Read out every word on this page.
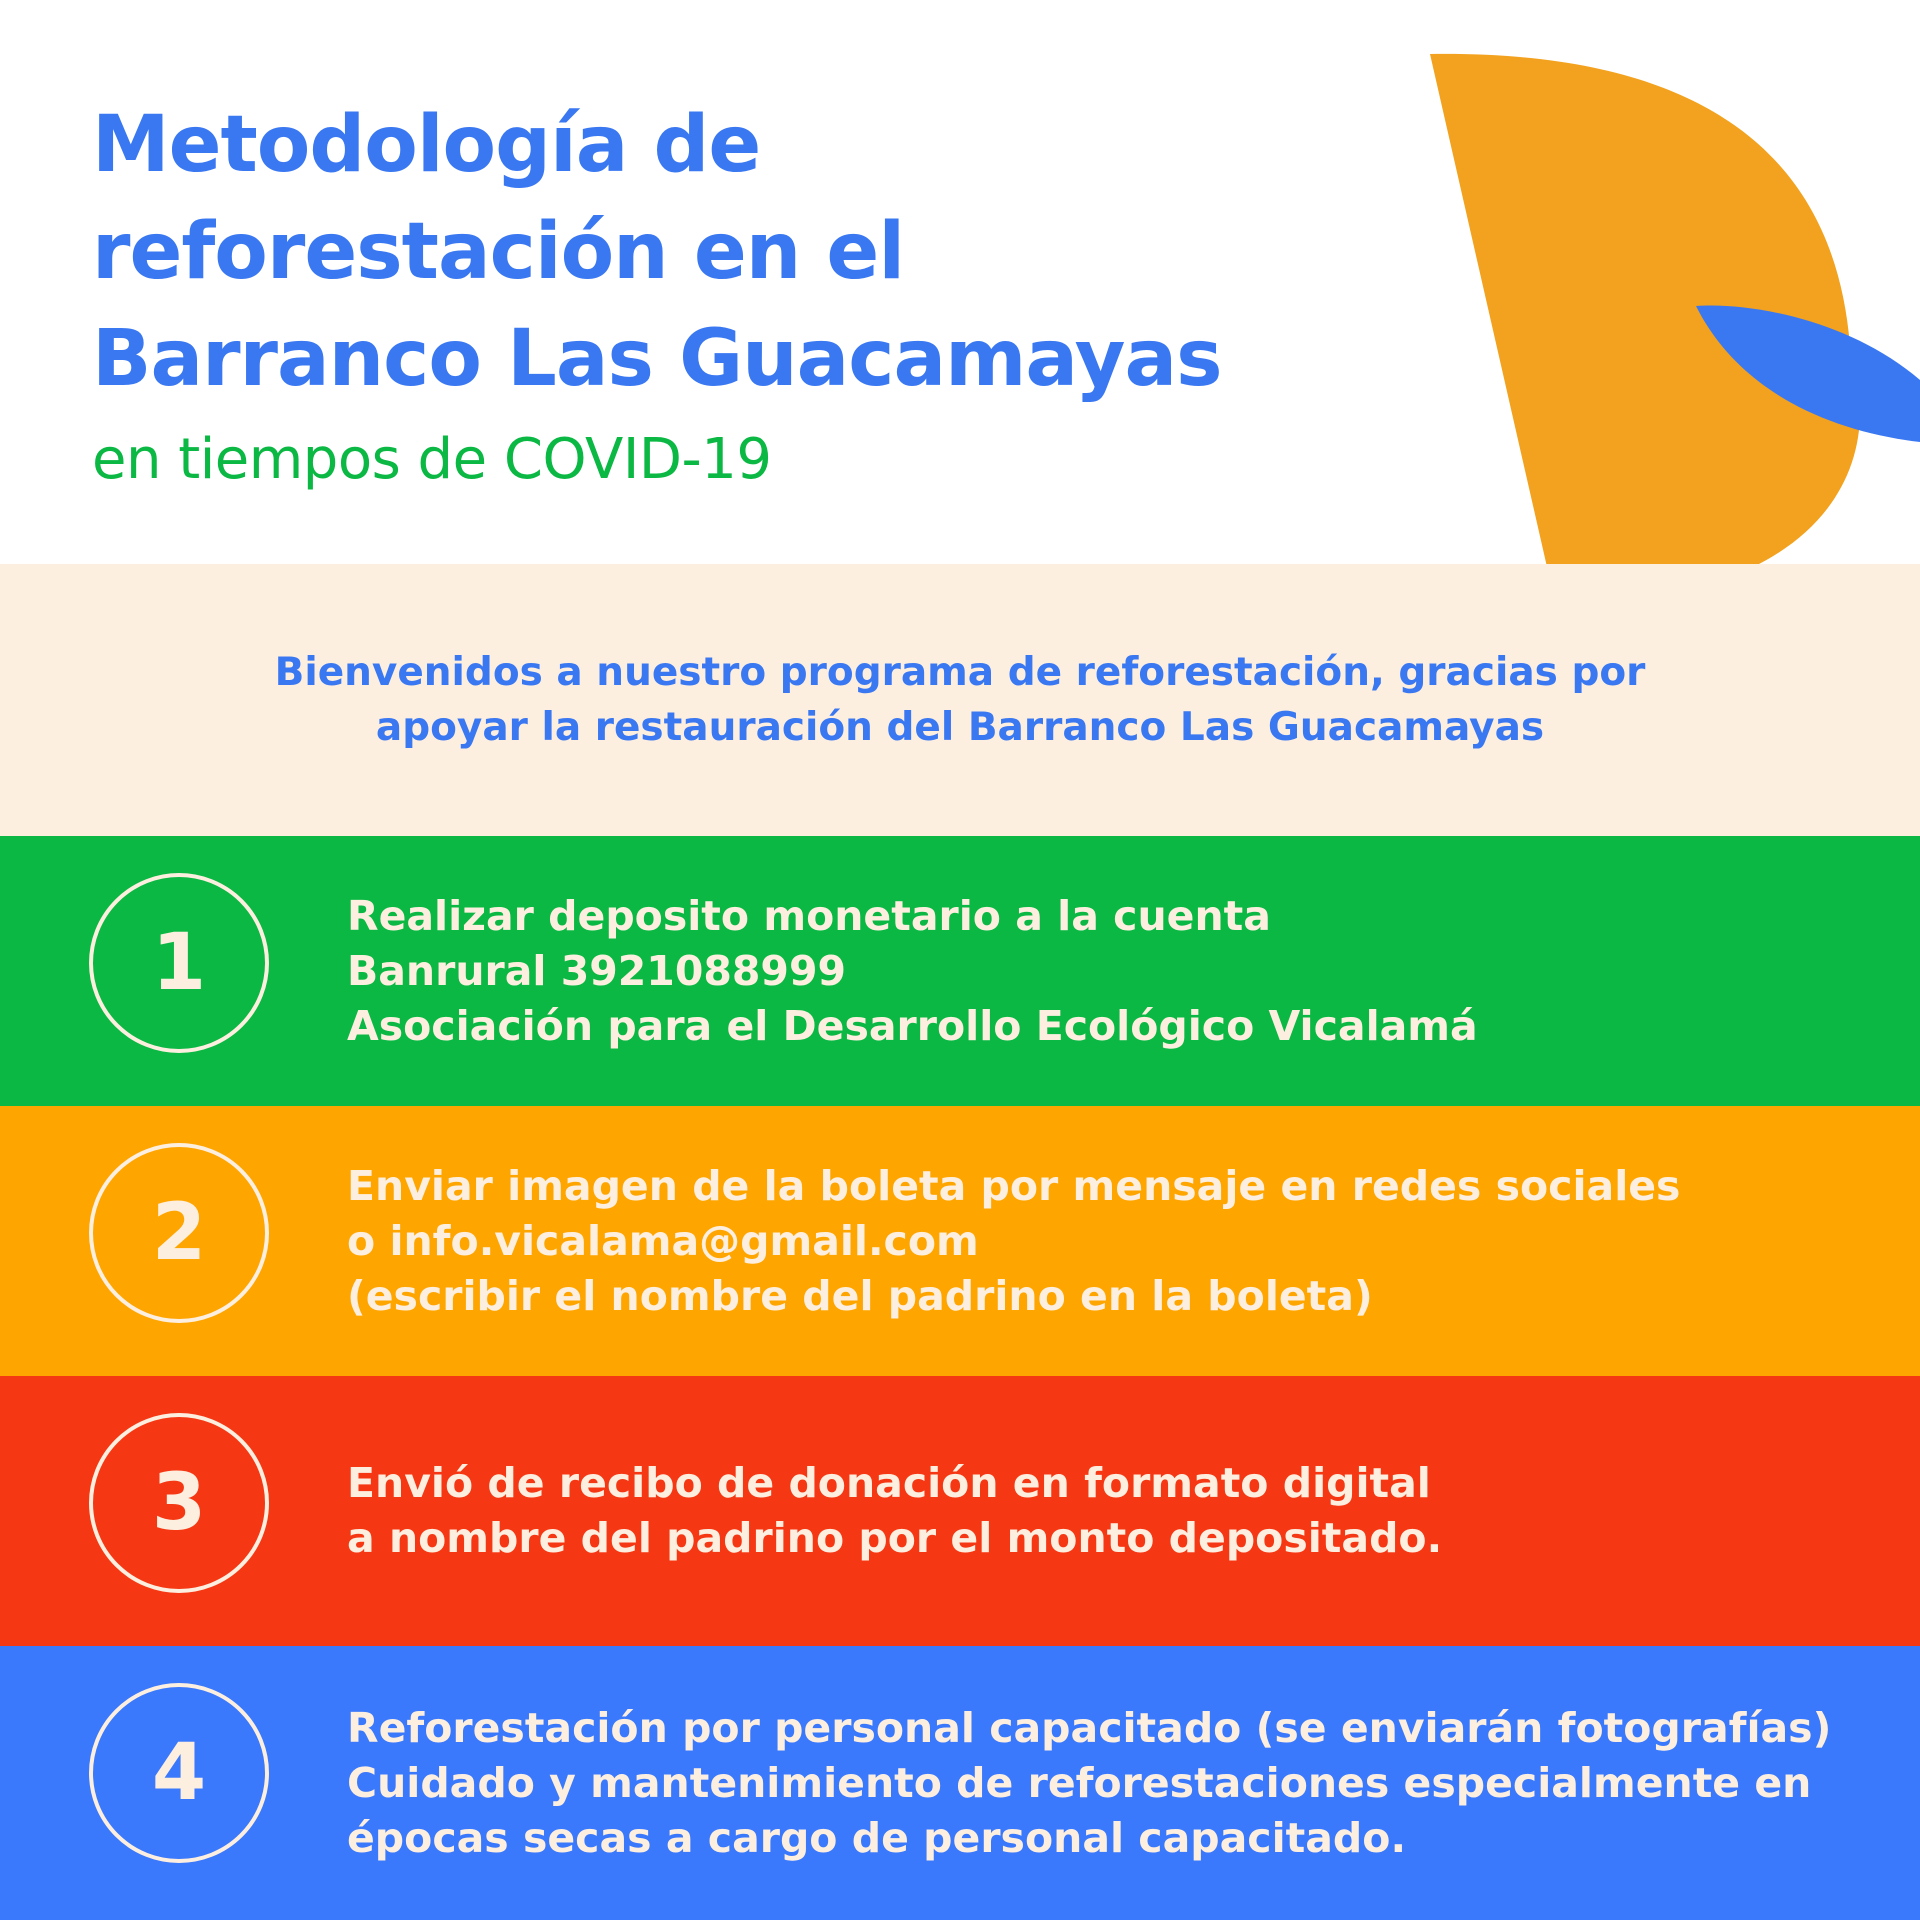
Metodología de
reforestación en el
Barranco Las Guacamayas
en tiempos de COVID-19

Bienvenidos a nuestro programa de reforestación, gracias por
apoyar la restauración del Barranco Las Guacamayas

1
Realizar deposito monetario a la cuenta
Banrural 3921088999
Asociación para el Desarrollo Ecológico Vicalamá
2
Enviar imagen de la boleta por mensaje en redes sociales
o info.vicalama@gmail.com
(escribir el nombre del padrino en la boleta)
3	Envió de recibo de donación en formato digital
a nombre del padrino por el monto depositado.
4
Reforestación por personal capacitado (se enviarán fotografías)
Cuidado y mantenimiento de reforestaciones especialmente en
épocas secas a cargo de personal capacitado.
